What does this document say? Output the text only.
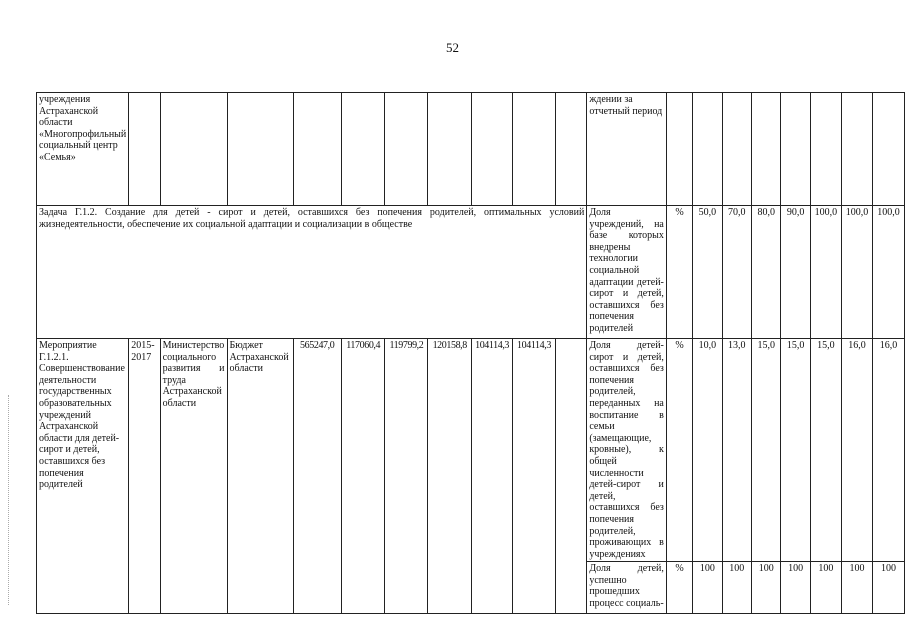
52
учреждения Астраханской области «Многопрофильный социальный центр «Семья»											ждении за отчетный период								
Задача Г.1.2. Создание для детей - сирот и детей, оставшихся без попечения родителей, оптимальных условий жизнедеятельности, обеспечение их социальной адаптации и социализации в обществе											Доля учреждений, на базе которых внедрены технологии социальной адаптации детей-сирот и детей, оставшихся без попечения родителей	%	50,0	70,0	80,0	90,0	100,0	100,0	100,0
Мероприятие Г.1.2.1. Совершенствование деятельности государственных образовательных учреждений Астраханской области для детей-сирот и детей, оставшихся без попечения родителей	2015-2017	Министерство социального развития и труда Астраханской области	Бюджет Астраханской области	565247,0	117060,4	119799,2	120158,8	104114,3	104114,3		Доля детей-сирот и детей, оставшихся без попечения родителей, переданных на воспитание в семьи (замещающие, кровные), к общей численности детей-сирот и детей, оставшихся без попечения родителей, проживающих в учреждениях	%	10,0	13,0	15,0	15,0	15,0	16,0	16,0
											Доля детей, успешно прошедших процесс социаль-	%	100	100	100	100	100	100	100
